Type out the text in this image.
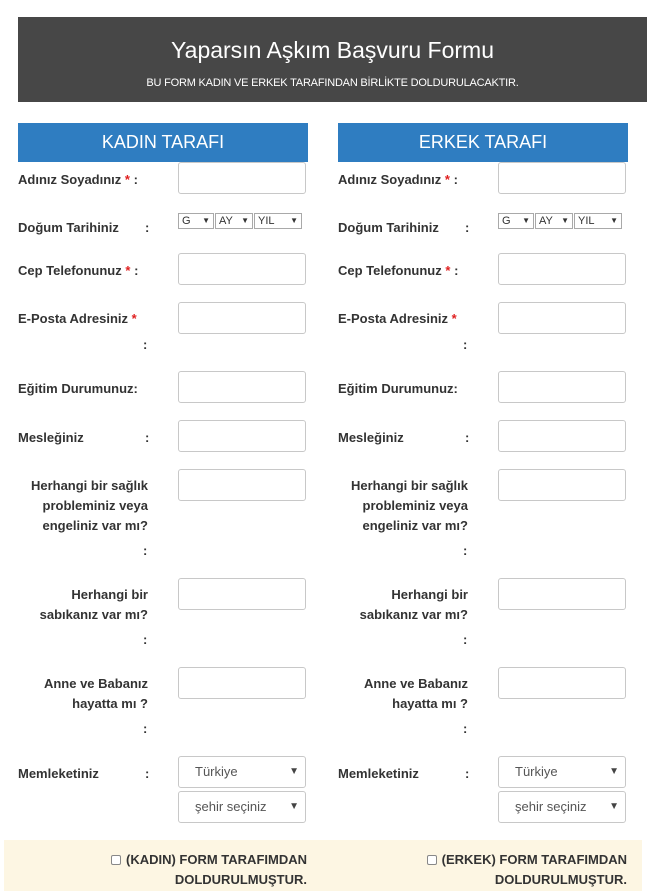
Yaparsın Aşkım Başvuru Formu
BU FORM KADIN VE ERKEK TARAFINDAN BİRLİKTE DOLDURULACAKTIR.
KADIN TARAFI
Adınız Soyadınız * :
Doğum Tarihiniz :	G ▼ AY ▼ YIL ▼
Cep Telefonunuz * :
E-Posta Adresiniz *
:
Eğitim Durumunuz:
Mesleğiniz	:
Herhangi bir sağlık probleminiz veya engeliniz var mı?
:
Herhangi bir sabıkanız var mı?
:
Anne ve Babanız hayatta mı ?
:
Memleketiniz	:	Türkiye	▼
şehir seçiniz ▼
ERKEK TARAFI
Adınız Soyadınız * :
Doğum Tarihiniz :	G ▼ AY ▼ YIL ▼
Cep Telefonunuz * :
E-Posta Adresiniz *
:
Eğitim Durumunuz:
Mesleğiniz	:
Herhangi bir sağlık probleminiz veya engeliniz var mı?
:
Herhangi bir sabıkanız var mı?
:
Anne ve Babanız hayatta mı ?
:
Memleketiniz	:	Türkiye	▼
şehir seçiniz ▼
(KADIN) FORM TARAFIMDAN DOLDURULMUŞTUR.
(ERKEK) FORM TARAFIMDAN DOLDURULMUŞTUR.
